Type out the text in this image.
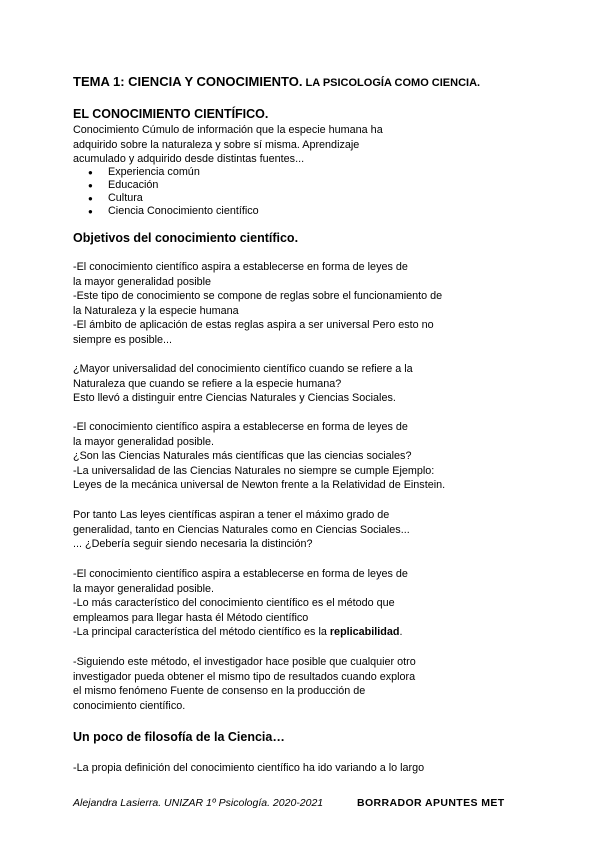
TEMA 1: CIENCIA Y CONOCIMIENTO. LA PSICOLOGÍA COMO CIENCIA.
EL CONOCIMIENTO CIENTÍFICO.
Conocimiento Cúmulo de información que la especie humana ha
adquirido sobre la naturaleza y sobre sí misma. Aprendizaje
acumulado y adquirido desde distintas fuentes...
● Experiencia común
● Educación
● Cultura
● Ciencia Conocimiento científico
Objetivos del conocimiento científico.
-El conocimiento científico aspira a establecerse en forma de leyes de
la mayor generalidad posible
-Este tipo de conocimiento se compone de reglas sobre el funcionamiento de
la Naturaleza y la especie humana
-El ámbito de aplicación de estas reglas aspira a ser universal Pero esto no
siempre es posible...
¿Mayor universalidad del conocimiento científico cuando se refiere a la
Naturaleza que cuando se refiere a la especie humana?
Esto llevó a distinguir entre Ciencias Naturales y Ciencias Sociales.
-El conocimiento científico aspira a establecerse en forma de leyes de
la mayor generalidad posible.
¿Son las Ciencias Naturales más científicas que las ciencias sociales?
-La universalidad de las Ciencias Naturales no siempre se cumple Ejemplo:
Leyes de la mecánica universal de Newton frente a la Relatividad de Einstein.
Por tanto Las leyes científicas aspiran a tener el máximo grado de
generalidad, tanto en Ciencias Naturales como en Ciencias Sociales...
... ¿Debería seguir siendo necesaria la distinción?
-El conocimiento científico aspira a establecerse en forma de leyes de
la mayor generalidad posible.
-Lo más característico del conocimiento científico es el método que
empleamos para llegar hasta él Método científico
-La principal característica del método científico es la replicabilidad.
-Siguiendo este método, el investigador hace posible que cualquier otro
investigador pueda obtener el mismo tipo de resultados cuando explora
el mismo fenómeno Fuente de consenso en la producción de
conocimiento científico.
Un poco de filosofía de la Ciencia…
-La propia definición del conocimiento científico ha ido variando a lo largo
Alejandra Lasierra. UNIZAR 1º Psicología. 2020-2021	BORRADOR APUNTES MET
